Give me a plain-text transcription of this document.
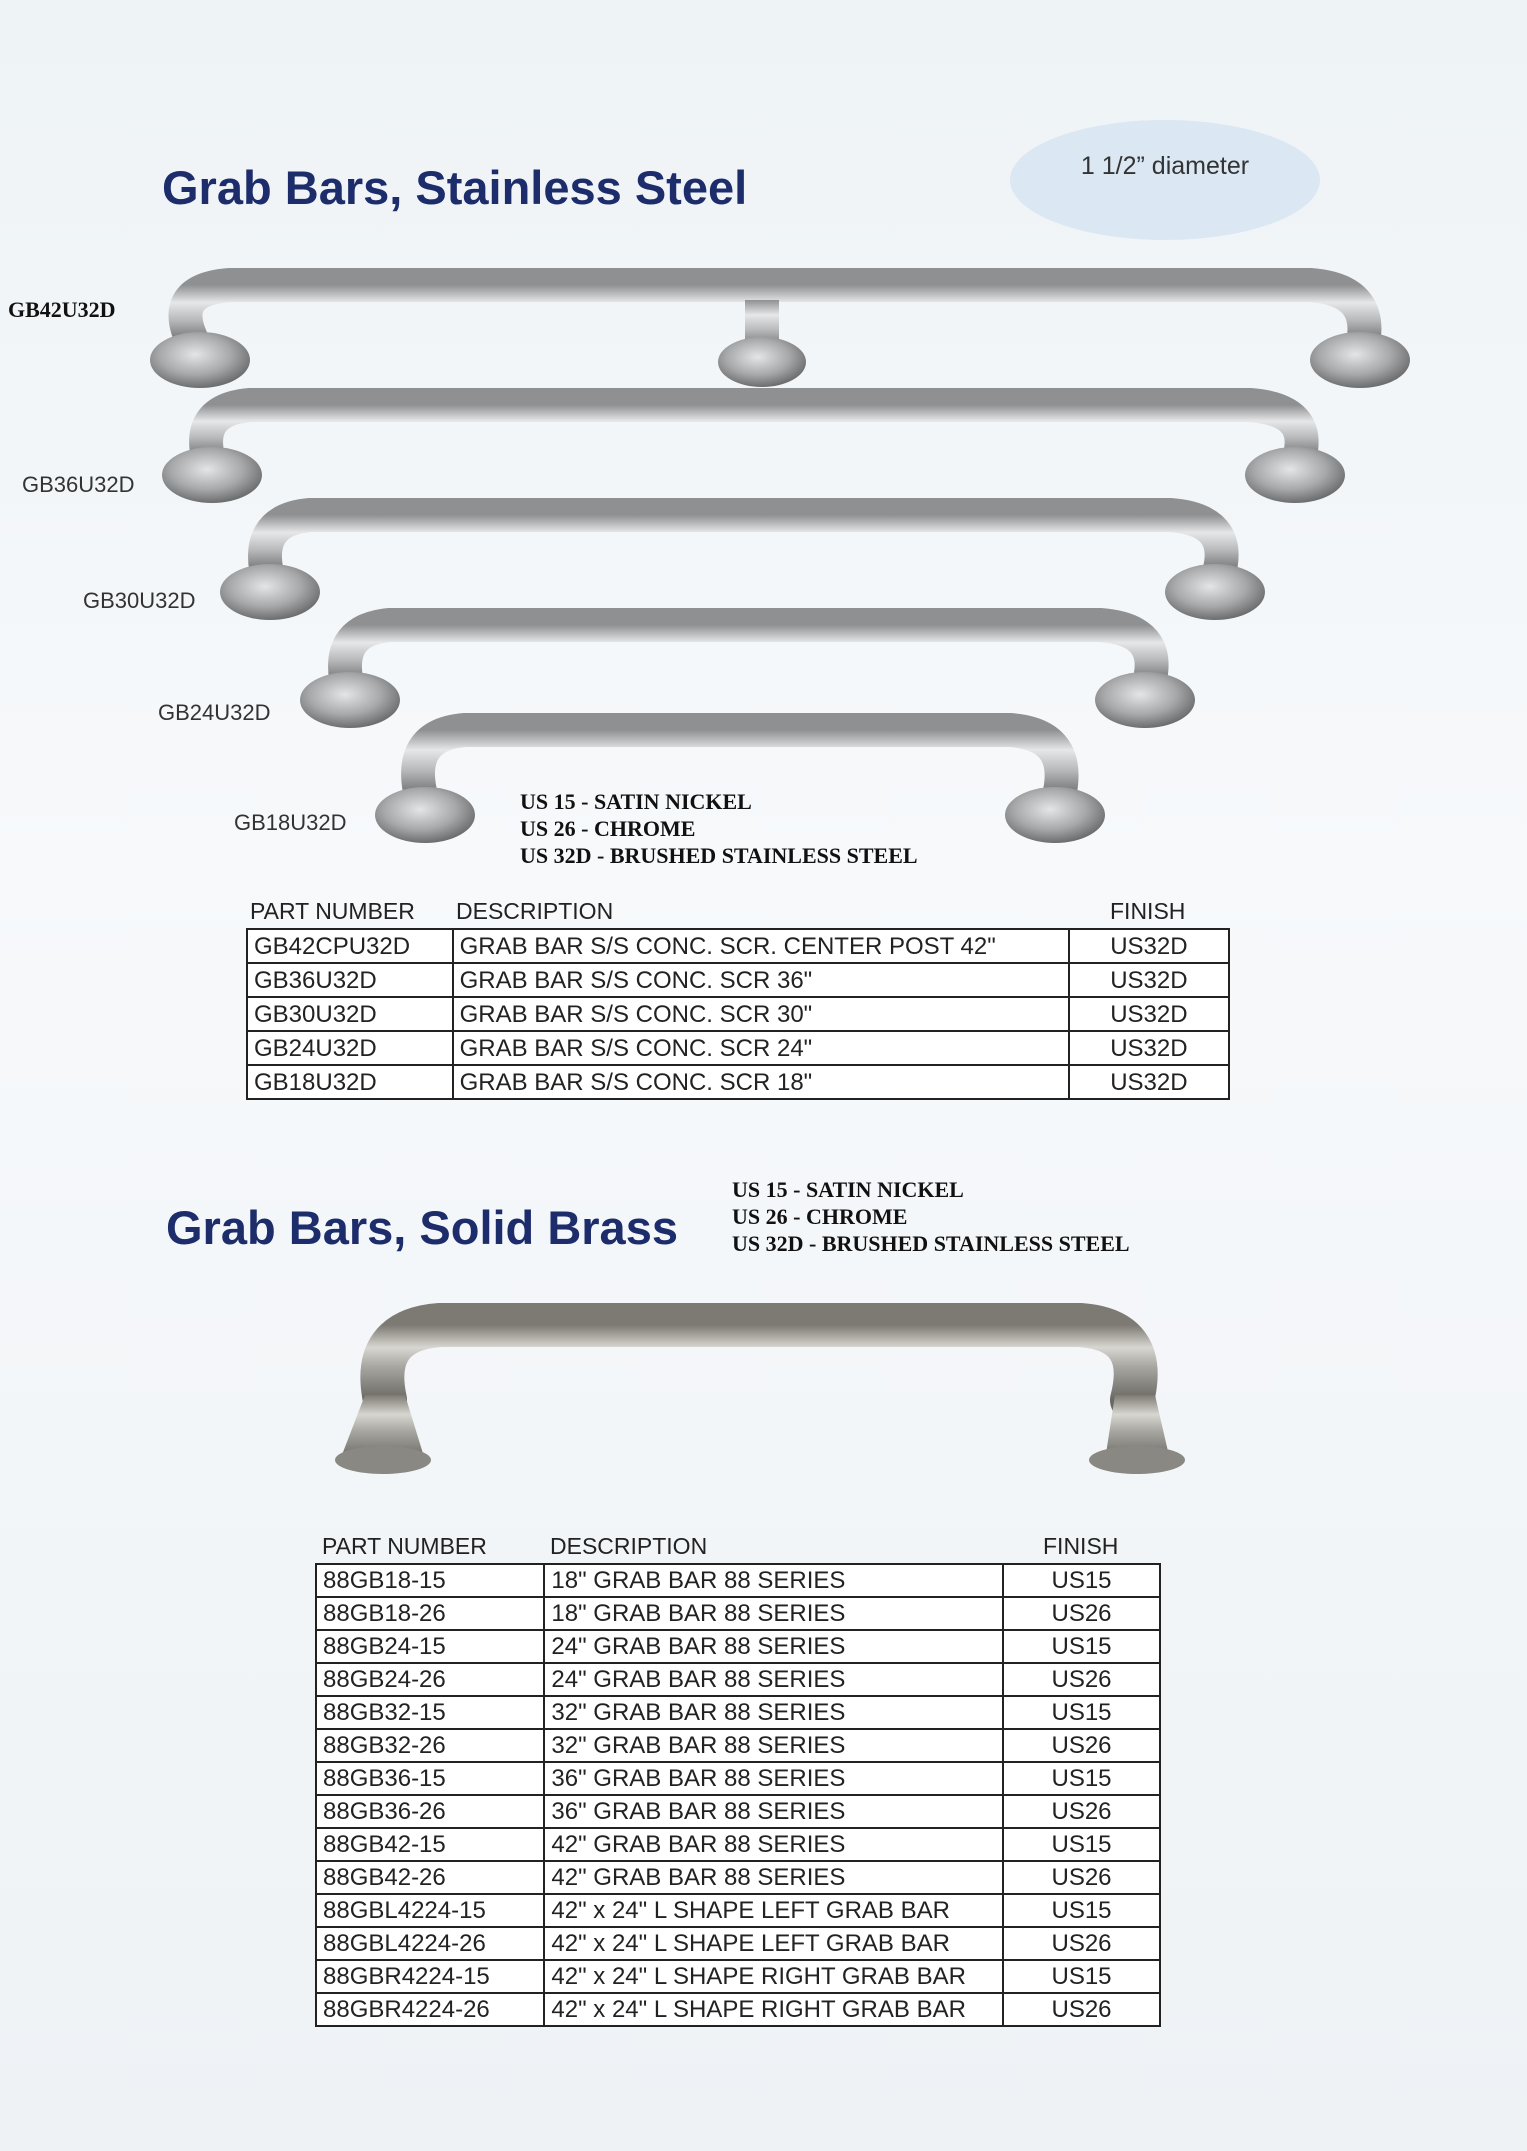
1 1/2” diameter
Grab Bars, Stainless Steel
GB42U32D
GB36U32D
GB30U32D
GB24U32D
GB18U32D
US 15 - SATIN NICKEL
US 26 - CHROME
US 32D - BRUSHED STAINLESS STEEL
PART NUMBER DESCRIPTION	FINISH
GB42CPU32D	GRAB BAR S/S CONC. SCR. CENTER POST 42"	US32D
GB36U32D	GRAB BAR S/S CONC. SCR 36"	US32D
GB30U32D	GRAB BAR S/S CONC. SCR 30"	US32D
GB24U32D	GRAB BAR S/S CONC. SCR 24"	US32D
GB18U32D	GRAB BAR S/S CONC. SCR 18"	US32D
Grab Bars, Solid Brass
US 15 - SATIN NICKEL
US 26 - CHROME
US 32D - BRUSHED STAINLESS STEEL
PART NUMBER	DESCRIPTION	FINISH
88GB18-15	18" GRAB BAR 88 SERIES	US15
88GB18-26	18" GRAB BAR 88 SERIES	US26
88GB24-15	24" GRAB BAR 88 SERIES	US15
88GB24-26	24" GRAB BAR 88 SERIES	US26
88GB32-15	32" GRAB BAR 88 SERIES	US15
88GB32-26	32" GRAB BAR 88 SERIES	US26
88GB36-15	36" GRAB BAR 88 SERIES	US15
88GB36-26	36" GRAB BAR 88 SERIES	US26
88GB42-15	42" GRAB BAR 88 SERIES	US15
88GB42-26	42" GRAB BAR 88 SERIES	US26
88GBL4224-15	42" x 24" L SHAPE LEFT GRAB BAR	US15
88GBL4224-26	42" x 24" L SHAPE LEFT GRAB BAR	US26
88GBR4224-15	42" x 24" L SHAPE RIGHT GRAB BAR	US15
88GBR4224-26	42" x 24" L SHAPE RIGHT GRAB BAR	US26
